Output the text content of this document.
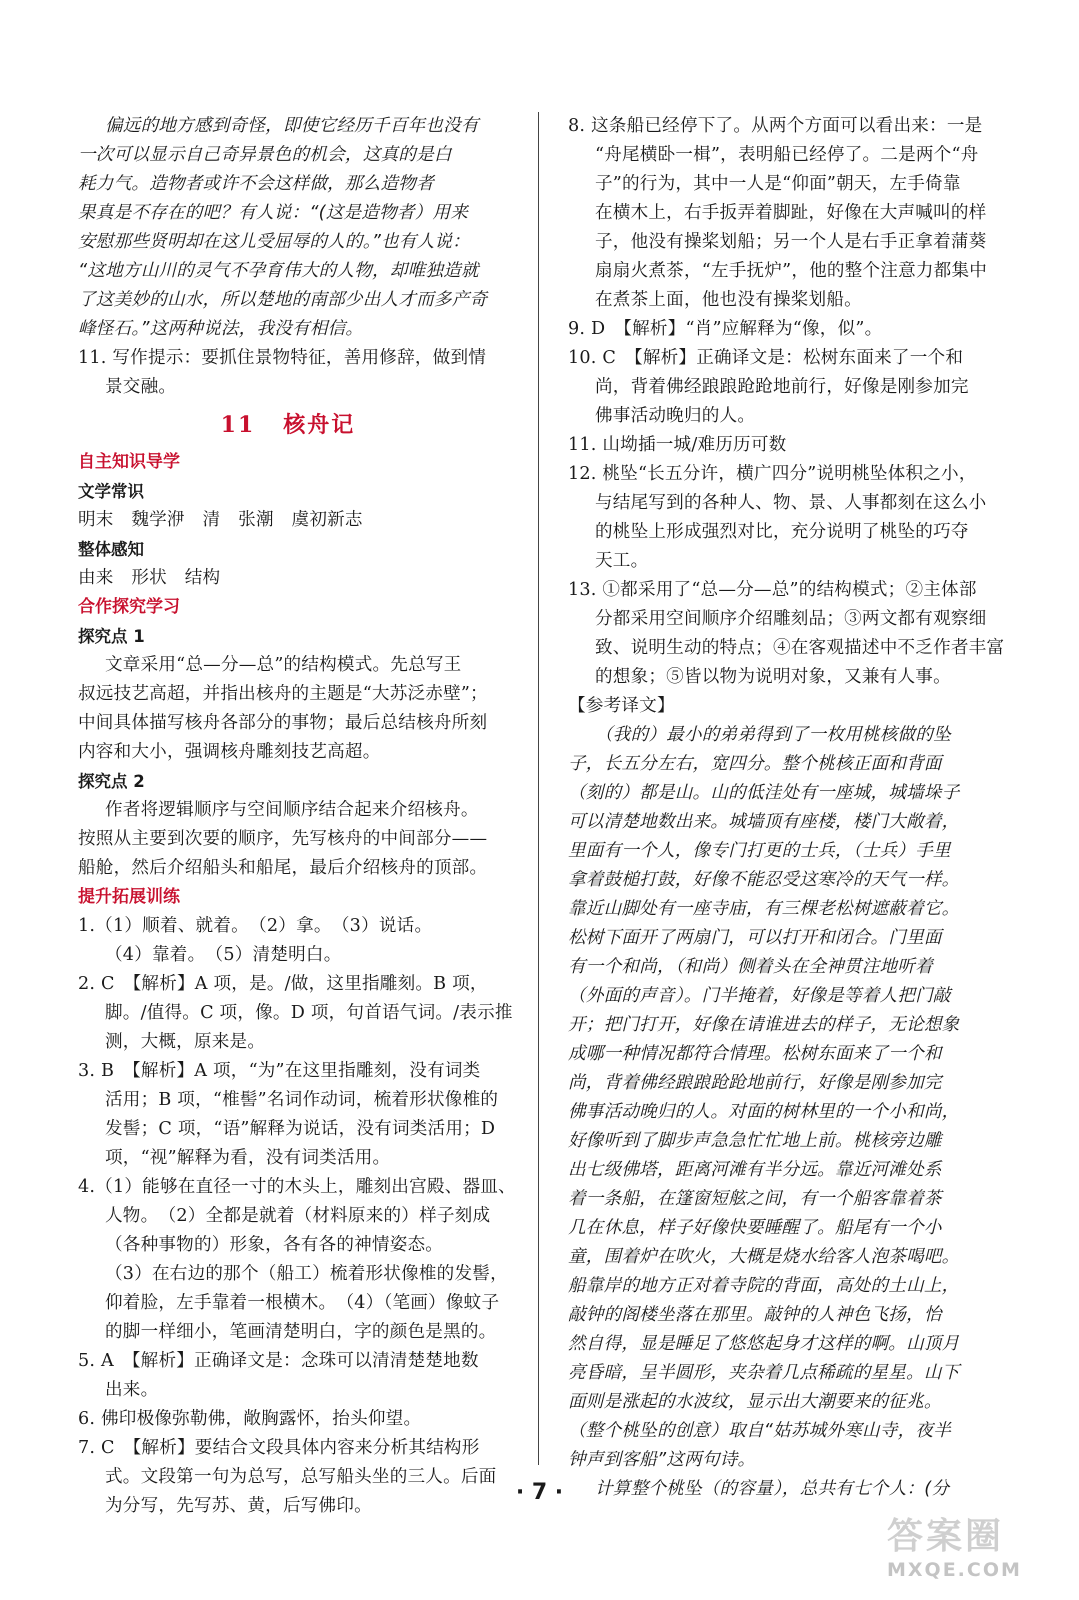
偏远的地方感到奇怪，即使它经历千百年也没有
一次可以显示自己奇异景色的机会，这真的是白
耗力气。造物者或许不会这样做，那么造物者
果真是不存在的吧？有人说：“(这是造物者）用来
安慰那些贤明却在这儿受屈辱的人的。”也有人说：
“这地方山川的灵气不孕育伟大的人物，却唯独造就
了这美妙的山水，所以楚地的南部少出人才而多产奇
峰怪石。”这两种说法，我没有相信。
11. 写作提示：要抓住景物特征，善用修辞，做到情
景交融。
11 核舟记
自主知识导学
文学常识
明末　魏学洢　清　张潮　虞初新志
整体感知
由来　形状　结构
合作探究学习
探究点 1
文章采用“总—分—总”的结构模式。先总写王
叔远技艺高超，并指出核舟的主题是“大苏泛赤壁”；
中间具体描写核舟各部分的事物；最后总结核舟所刻
内容和大小，强调核舟雕刻技艺高超。
探究点 2
作者将逻辑顺序与空间顺序结合起来介绍核舟。
按照从主要到次要的顺序，先写核舟的中间部分——
船舱，然后介绍船头和船尾，最后介绍核舟的顶部。
提升拓展训练
1.（1）顺着、就着。　（2）拿。　（3）说话。
（4）靠着。　（5）清楚明白。
2. C　【解析】A 项，是。/做，这里指雕刻。B 项，
脚。/值得。C 项，像。D 项，句首语气词。/表示推
测，大概，原来是。
3. B　【解析】A 项，“为”在这里指雕刻，没有词类
活用；B 项，“椎髻”名词作动词，梳着形状像椎的
发髻；C 项，“语”解释为说话，没有词类活用；D
项，“视”解释为看，没有词类活用。
4.（1）能够在直径一寸的木头上，雕刻出宫殿、器皿、
人物。　（2）全都是就着（材料原来的）样子刻成
（各种事物的）形象，各有各的神情姿态。
（3）在右边的那个（船工）梳着形状像椎的发髻，
仰着脸，左手靠着一根横木。　（4）（笔画）像蚊子
的脚一样细小，笔画清楚明白，字的颜色是黑的。
5. A　【解析】正确译文是：念珠可以清清楚楚地数
出来。
6. 佛印极像弥勒佛，敞胸露怀，抬头仰望。
7. C　【解析】要结合文段具体内容来分析其结构形
式。文段第一句为总写，总写船头坐的三人。后面
为分写，先写苏、黄，后写佛印。
8. 这条船已经停下了。从两个方面可以看出来：一是
“舟尾横卧一楫”，表明船已经停了。二是两个“舟
子”的行为，其中一人是“仰面”朝天，左手倚靠
在横木上，右手扳弄着脚趾，好像在大声喊叫的样
子，他没有操桨划船；另一个人是右手正拿着蒲葵
扇扇火煮茶，“左手抚炉”，他的整个注意力都集中
在煮茶上面，他也没有操桨划船。
9. D　【解析】“肖”应解释为“像，似”。
10. C　【解析】正确译文是：松树东面来了一个和
尚，背着佛经踉踉跄跄地前行，好像是刚参加完
佛事活动晚归的人。
11. 山坳插一城/难历历可数
12. 桃坠“长五分许，横广四分”说明桃坠体积之小，
与结尾写到的各种人、物、景、人事都刻在这么小
的桃坠上形成强烈对比，充分说明了桃坠的巧夺
天工。
13. ①都采用了“总—分—总”的结构模式；②主体部
分都采用空间顺序介绍雕刻品；③两文都有观察细
致、说明生动的特点；④在客观描述中不乏作者丰富
的想象；⑤皆以物为说明对象，又兼有人事。
【参考译文】
（我的）最小的弟弟得到了一枚用桃核做的坠
子，长五分左右，宽四分。整个桃核正面和背面
（刻的）都是山。山的低洼处有一座城，城墙垛子
可以清楚地数出来。城墙顶有座楼，楼门大敞着，
里面有一个人，像专门打更的士兵，（士兵）手里
拿着鼓槌打鼓，好像不能忍受这寒冷的天气一样。
靠近山脚处有一座寺庙，有三棵老松树遮蔽着它。
松树下面开了两扇门，可以打开和闭合。门里面
有一个和尚，（和尚）侧着头在全神贯注地听着
（外面的声音）。门半掩着，好像是等着人把门敲
开；把门打开，好像在请谁进去的样子，无论想象
成哪一种情况都符合情理。松树东面来了一个和
尚，背着佛经踉踉跄跄地前行，好像是刚参加完
佛事活动晚归的人。对面的树林里的一个小和尚，
好像听到了脚步声急急忙忙地上前。桃核旁边雕
出七级佛塔，距离河滩有半分远。靠近河滩处系
着一条船，在篷窗短舷之间，有一个船客靠着茶
几在休息，样子好像快要睡醒了。船尾有一个小
童，围着炉在吹火，大概是烧水给客人泡茶喝吧。
船靠岸的地方正对着寺院的背面，高处的土山上，
敲钟的阁楼坐落在那里。敲钟的人神色飞扬，怡
然自得，显是睡足了悠悠起身才这样的啊。山顶月
亮昏暗，呈半圆形，夹杂着几点稀疏的星星。山下
面则是涨起的水波纹，显示出大潮要来的征兆。
（整个桃坠的创意）取自“姑苏城外寒山寺，夜半
钟声到客船”这两句诗。
计算整个桃坠（的容量），总共有七个人：(分
· 7 ·
答案圈
MXQE.COM
